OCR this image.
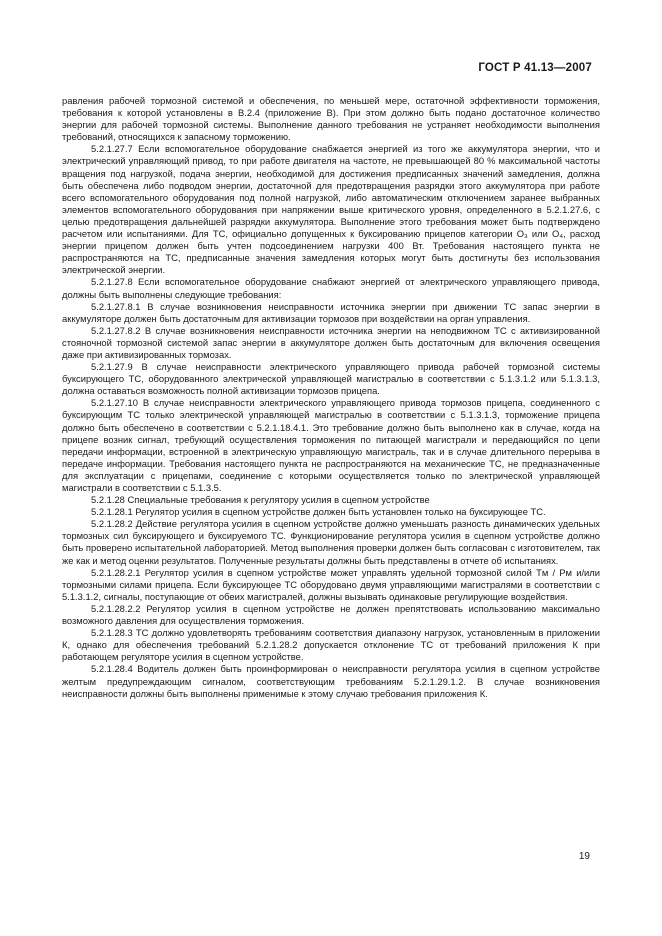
ГОСТ Р 41.13—2007

равления рабочей тормозной системой и обеспечения, по меньшей мере, остаточной эффективности торможения, требования к которой установлены в В.2.4 (приложение В). При этом должно быть подано достаточное количество энергии для рабочей тормозной системы. Выполнение данного требования не устраняет необходимости выполнения требований, относящихся к запасному торможению.

5.2.1.27.7 Если вспомогательное оборудование снабжается энергией из того же аккумулятора энергии, что и электрический управляющий привод, то при работе двигателя на частоте, не превышающей 80 % максимальной частоты вращения под нагрузкой, подача энергии, необходимой для достижения предписанных значений замедления, должна быть обеспечена либо подводом энергии, достаточной для предотвращения разрядки этого аккумулятора при работе всего вспомогательного оборудования под полной нагрузкой, либо автоматическим отключением заранее выбранных элементов вспомогательного оборудования при напряжении выше критического уровня, определенного в 5.2.1.27.6, с целью предотвращения дальнейшей разрядки аккумулятора. Выполнение этого требования может быть подтверждено расчетом или испытаниями. Для ТС, официально допущенных к буксированию прицепов категории O₃ или O₄, расход энергии прицепом должен быть учтен подсоединением нагрузки 400 Вт. Требования настоящего пункта не распространяются на ТС, предписанные значения замедления которых могут быть достигнуты без использования электрической энергии.

5.2.1.27.8 Если вспомогательное оборудование снабжают энергией от электрического управляющего привода, должны быть выполнены следующие требования:

5.2.1.27.8.1 В случае возникновения неисправности источника энергии при движении ТС запас энергии в аккумуляторе должен быть достаточным для активизации тормозов при воздействии на орган управления.

5.2.1.27.8.2 В случае возникновения неисправности источника энергии на неподвижном ТС с активизированной стояночной тормозной системой запас энергии в аккумуляторе должен быть достаточным для включения освещения даже при активизированных тормозах.

5.2.1.27.9 В случае неисправности электрического управляющего привода рабочей тормозной системы буксирующего ТС, оборудованного электрической управляющей магистралью в соответствии с 5.1.3.1.2 или 5.1.3.1.3, должна оставаться возможность полной активизации тормозов прицепа.

5.2.1.27.10 В случае неисправности электрического управляющего привода тормозов прицепа, соединенного с буксирующим ТС только электрической управляющей магистралью в соответствии с 5.1.3.1.3, торможение прицепа должно быть обеспечено в соответствии с 5.2.1.18.4.1. Это требование должно быть выполнено как в случае, когда на прицепе возник сигнал, требующий осуществления торможения по питающей магистрали и передающийся по цепи передачи информации, встроенной в электрическую управляющую магистраль, так и в случае длительного перерыва в передаче информации. Требования настоящего пункта не распространяются на механические ТС, не предназначенные для эксплуатации с прицепами, соединение с которыми осуществляется только по электрической управляющей магистрали в соответствии с 5.1.3.5.

5.2.1.28 Специальные требования к регулятору усилия в сцепном устройстве

5.2.1.28.1 Регулятор усилия в сцепном устройстве должен быть установлен только на буксирующее ТС.

5.2.1.28.2 Действие регулятора усилия в сцепном устройстве должно уменьшать разность динамических удельных тормозных сил буксирующего и буксируемого ТС. Функционирование регулятора усилия в сцепном устройстве должно быть проверено испытательной лабораторией. Метод выполнения проверки должен быть согласован с изготовителем, так же как и метод оценки результатов. Полученные результаты должны быть представлены в отчете об испытаниях.

5.2.1.28.2.1 Регулятор усилия в сцепном устройстве может управлять удельной тормозной силой Tм / Pм и/или тормозными силами прицепа. Если буксирующее ТС оборудовано двумя управляющими магистралями в соответствии с 5.1.3.1.2, сигналы, поступающие от обеих магистралей, должны вызывать одинаковые регулирующие воздействия.

5.2.1.28.2.2 Регулятор усилия в сцепном устройстве не должен препятствовать использованию максимально возможного давления для осуществления торможения.

5.2.1.28.3 ТС должно удовлетворять требованиям соответствия диапазону нагрузок, установленным в приложении К, однако для обеспечения требований 5.2.1.28.2 допускается отклонение ТС от требований приложения К при работающем регуляторе усилия в сцепном устройстве.

5.2.1.28.4 Водитель должен быть проинформирован о неисправности регулятора усилия в сцепном устройстве желтым предупреждающим сигналом, соответствующим требованиям 5.2.1.29.1.2. В случае возникновения неисправности должны быть выполнены применимые к этому случаю требования приложения К.

19
